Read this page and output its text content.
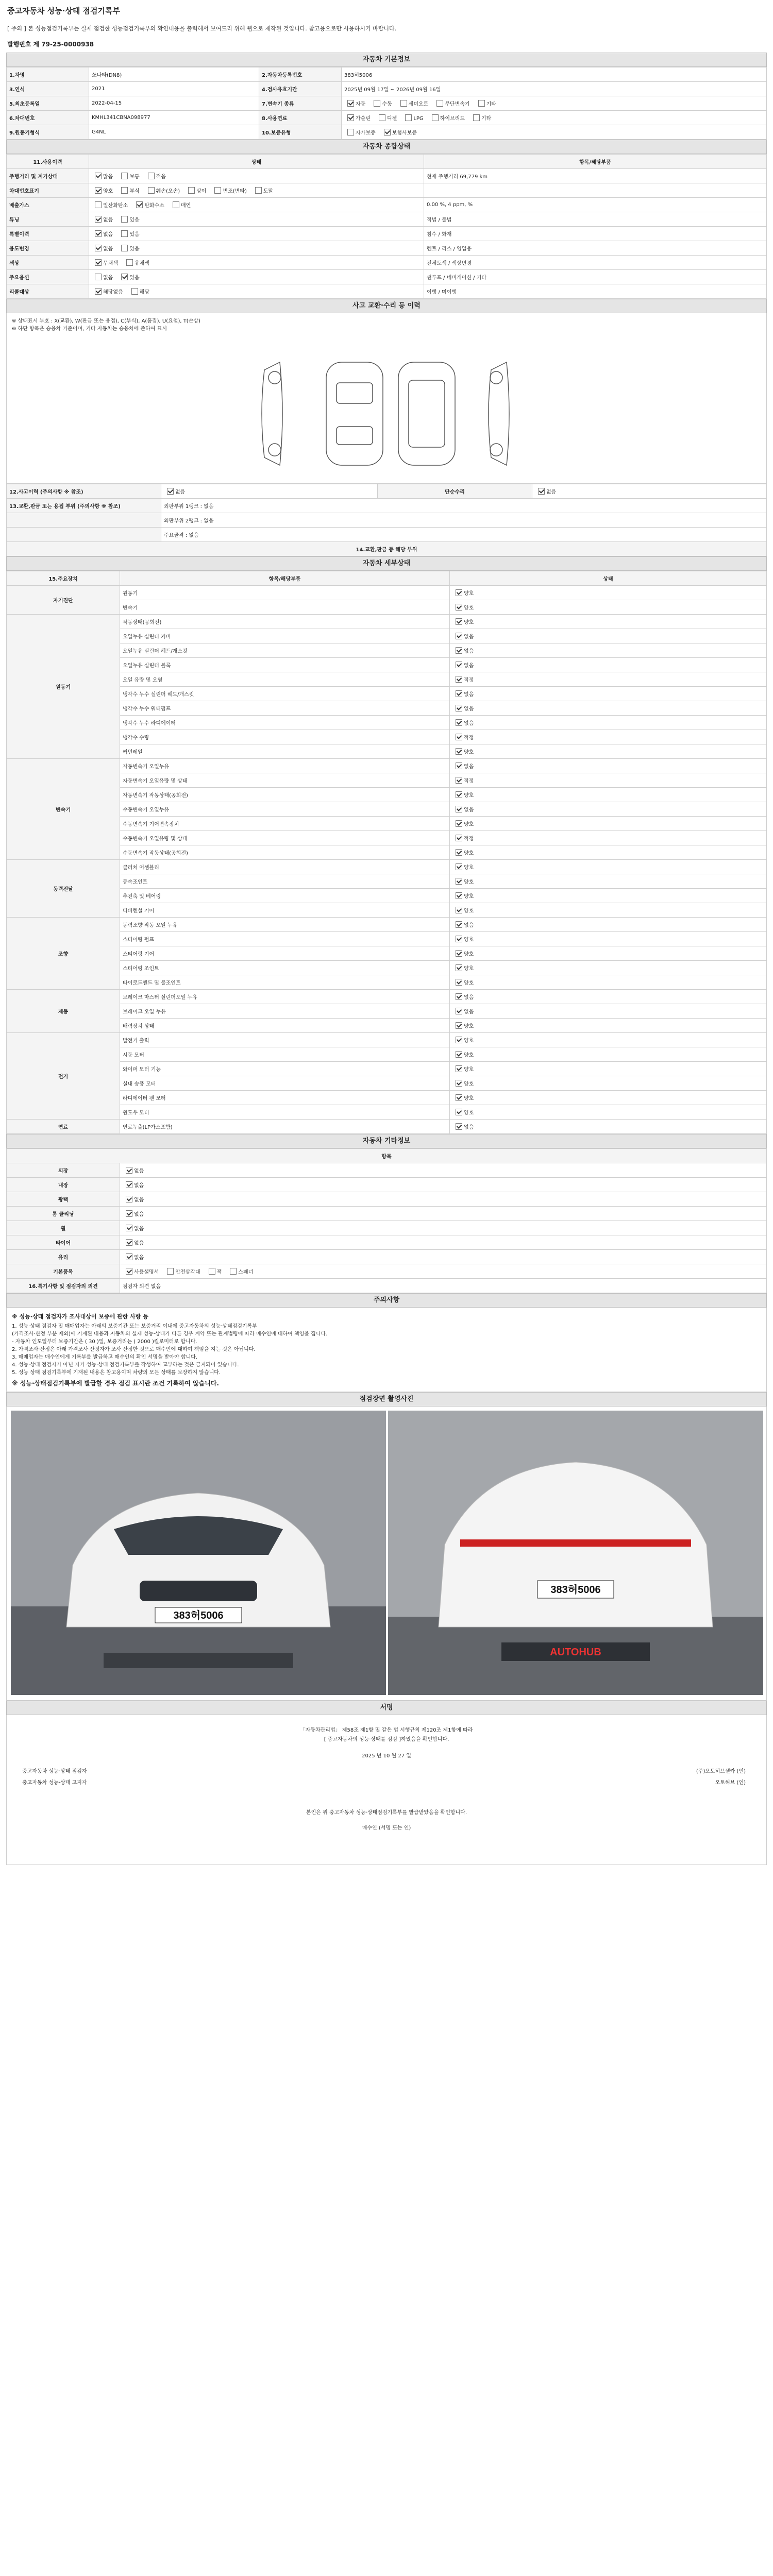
중고자동차 성능·상태 점검기록부
[ 주의 ] 본 성능점검기록부는 실제 점검한 성능점검기록부의 확인내용을 출력해서 보여드리 위해 웹으로 제작된 것입니다. 참고용으로만 사용하시기 바랍니다.
발행번호 제 79-25-0000938
자동차 기본정보
1.차명	쏘나타(DN8)	2.자동차등록번호	383허5006
3.연식	2021	4.검사유효기간	2025년 09월 17일 ~ 2026년 09월 16일
5.최초등록일	2022-04-15	7.변속기 종류	자동 수동 세미오토 무단변속기 기타
6.차대번호	KMHL341CBNA098977	8.사용연료	가솔린 디젤 LPG 하이브리드 기타
9.원동기형식	G4NL	10.보증유형	자가보증 보험사보증
자동차 종합상태
11.사용이력	상태	항목/해당부품
주행거리 및 계기상태	많음 보통 적음	현재 주행거리 69,779 km
차대번호표기	양호 부식 훼손(오손) 상이 변조(변타) 도말	
배출가스	일산화탄소 탄화수소 매연	0.00 %, 4 ppm, %
튜닝	없음 있음	적법 / 불법
특별이력	없음 있음	침수 / 화재
용도변경	없음 있음	렌트 / 리스 / 영업용
색상	무채색 유채색	전체도색 / 색상변경
주요옵션	없음 있음	썬루프 / 네비게이션 / 기타
리콜대상	해당없음 해당	이행 / 미이행
사고 교환·수리 등 이력
※ 상태표시 부호 : X(교환), W(판금 또는 용접), C(부식), A(흠집), U(요철), T(손상)
※ 하단 항목은 승용차 기준이며, 기타 자동차는 승용차에 준하여 표시
12.사고이력 (주의사항 ※ 참조)	없음	단순수리	없음
13.교환,판금 또는 용접 부위 (주의사항 ※ 참조)	외판부위 1랭크 : 없음		
	외판부위 2랭크 : 없음		
	주요골격 : 없음		
14.교환,판금 등 해당 부위			
자동차 세부상태
15.주요장치	항목/해당부품	상태
자기진단	원동기	양호
	변속기	양호
원동기	작동상태(공회전)	양호
	오일누유 실린더 커버	없음
	오일누유 실린더 헤드/개스킷	없음
	오일누유 실린더 블록	없음
	오일 유량 및 오염	적정
	냉각수 누수 실린더 헤드/개스킷	없음
	냉각수 누수 워터펌프	없음
	냉각수 누수 라디에이터	없음
	냉각수 수량	적정
	커먼레일	양호
변속기	자동변속기 오일누유	없음
	자동변속기 오일유량 및 상태	적정
	자동변속기 작동상태(공회전)	양호
	수동변속기 오일누유	없음
	수동변속기 기어변속장치	양호
	수동변속기 오일유량 및 상태	적정
	수동변속기 작동상태(공회전)	양호
동력전달	클러치 어셈블리	양호
	등속조인트	양호
	추진축 및 베어링	양호
	디퍼렌셜 기어	양호
조향	동력조향 작동 오일 누유	없음
	스티어링 펌프	양호
	스티어링 기어	양호
	스티어링 조인트	양호
	타이로드엔드 및 볼조인트	양호
제동	브레이크 마스터 실린더오일 누유	없음
	브레이크 오일 누유	없음
	배력장치 상태	양호
전기	발전기 출력	양호
	시동 모터	양호
	와이퍼 모터 기능	양호
	실내 송풍 모터	양호
	라디에이터 팬 모터	양호
	윈도우 모터	양호
연료	연료누출(LP가스포함)	없음
자동차 기타정보
항목	
외장	없음
내장	없음
광택	없음
룸 클리닝	없음
휠	없음
타이어	없음
유리	없음
기본품목	사용설명서 안전삼각대 잭 스패너
16.특기사항 및 점검자의 의견	점검자 의견 없음
주의사항
※ 성능·상태 점검자가 조사대상이 보증에 관한 사항 등
1. 성능·상태 점검자 및 매매업자는 아래의 보증기간 또는 보증거리 이내에 중고자동차의 성능·상태점검기록부
(가격조사·산정 부분 제외)에 기재된 내용과 자동차의 실제 성능·상태가 다른 경우 계약 또는 관계법령에 따라 매수인에 대하여 책임을 집니다.
- 자동차 인도일부터 보증기간은 ( 30 )일, 보증거리는 ( 2000 )킬로미터로 합니다.
2. 가격조사·산정은 아래 가격조사·산정자가 조사 산정한 것으로 매수인에 대하여 책임을 지는 것은 아닙니다.
3. 매매업자는 매수인에게 기록부를 발급하고 매수인의 확인 서명을 받아야 합니다.
4. 성능·상태 점검자가 아닌 자가 성능·상태 점검기록부를 작성하여 교부하는 것은 금지되어 있습니다.
5. 성능 상태 점검기록부에 기재된 내용은 참고용이며 차량의 모든 상태를 보장하지 않습니다.
※ 성능·상태점검기록부에 발급할 경우 점검 표시란 조건 기록하여 않습니다.
점검장면 촬영사진
383허5006
383허5006
AUTOHUB
서명
「자동차관리법」 제58조 제1항 및 같은 법 시행규칙 제120조 제1항에 따라
[ 중고자동차의 성능·상태를 점검 ]하였음을 확인합니다.
2025 년 10 월 27 일
중고자동차 성능·상태 점검자	(주)오토허브셀카 (인)
중고자동차 성능·상태 고지자	오토허브 (인)
본인은 위 중고자동차 성능·상태점검기록부를 발급받았음을 확인합니다.
매수인 (서명 또는 인)
